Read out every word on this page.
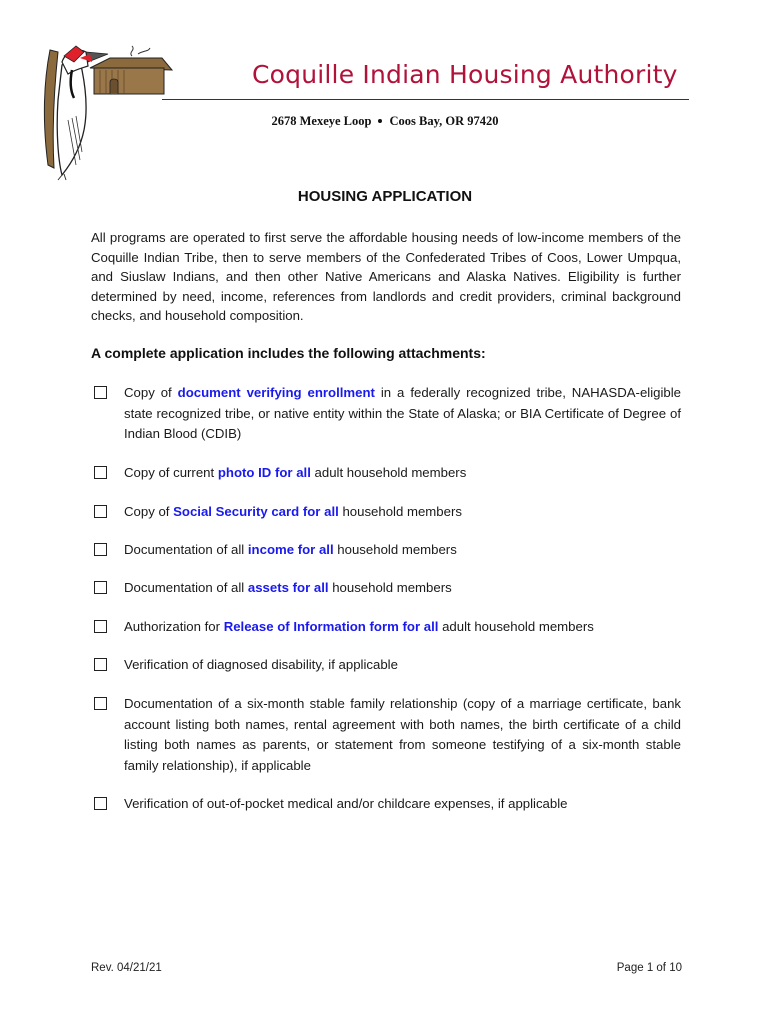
Coquille Indian Housing Authority
2678 Mexeye Loop Coos Bay, OR 97420
HOUSING APPLICATION
All programs are operated to first serve the affordable housing needs of low-income members of the Coquille Indian Tribe, then to serve members of the Confederated Tribes of Coos, Lower Umpqua, and Siuslaw Indians, and then other Native Americans and Alaska Natives. Eligibility is further determined by need, income, references from landlords and credit providers, criminal background checks, and household composition.
A complete application includes the following attachments:
Copy of document verifying enrollment in a federally recognized tribe, NAHASDA-eligible state recognized tribe, or native entity within the State of Alaska; or BIA Certificate of Degree of Indian Blood (CDIB)
Copy of current photo ID for all adult household members
Copy of Social Security card for all household members
Documentation of all income for all household members
Documentation of all assets for all household members
Authorization for Release of Information form for all adult household members
Verification of diagnosed disability, if applicable
Documentation of a six-month stable family relationship (copy of a marriage certificate, bank account listing both names, rental agreement with both names, the birth certificate of a child listing both names as parents, or statement from someone testifying of a six-month stable family relationship), if applicable
Verification of out-of-pocket medical and/or childcare expenses, if applicable
Rev. 04/21/21	Page 1 of 10
